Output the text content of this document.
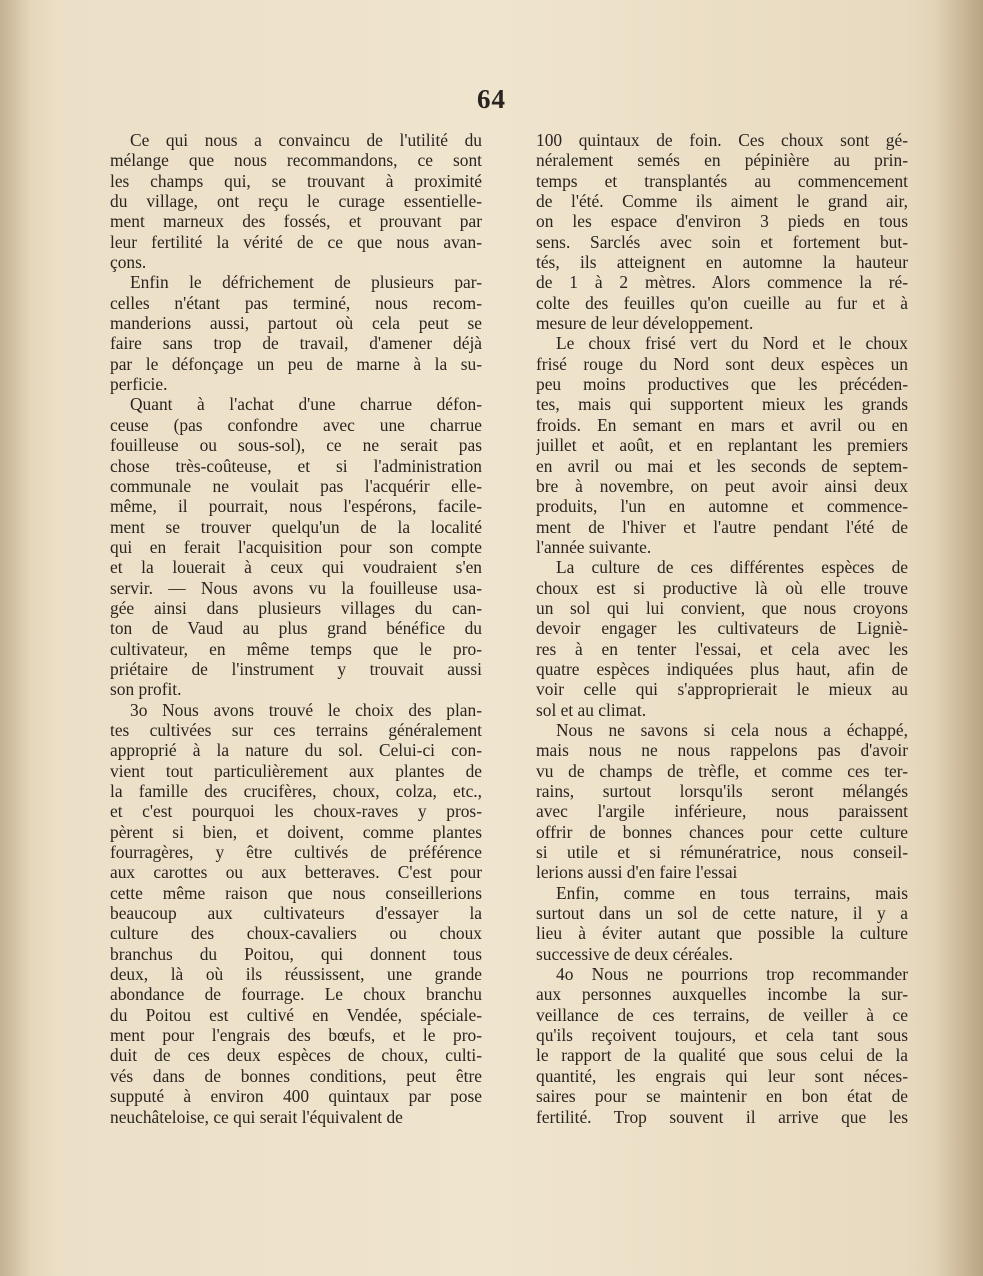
64
Ce qui nous a convaincu de l'utilité du
mélange que nous recommandons, ce sont
les champs qui, se trouvant à proximité
du village, ont reçu le curage essentielle-
ment marneux des fossés, et prouvant par
leur fertilité la vérité de ce que nous avan-
çons.
Enfin le défrichement de plusieurs par-
celles n'étant pas terminé, nous recom-
manderions aussi, partout où cela peut se
faire sans trop de travail, d'amener déjà
par le défonçage un peu de marne à la su-
perficie.
Quant à l'achat d'une charrue défon-
ceuse (pas confondre avec une charrue
fouilleuse ou sous-sol), ce ne serait pas
chose très-coûteuse, et si l'administration
communale ne voulait pas l'acquérir elle-
même, il pourrait, nous l'espérons, facile-
ment se trouver quelqu'un de la localité
qui en ferait l'acquisition pour son compte
et la louerait à ceux qui voudraient s'en
servir. — Nous avons vu la fouilleuse usa-
gée ainsi dans plusieurs villages du can-
ton de Vaud au plus grand bénéfice du
cultivateur, en même temps que le pro-
priétaire de l'instrument y trouvait aussi
son profit.
3o Nous avons trouvé le choix des plan-
tes cultivées sur ces terrains généralement
approprié à la nature du sol. Celui-ci con-
vient tout particulièrement aux plantes de
la famille des crucifères, choux, colza, etc.,
et c'est pourquoi les choux-raves y pros-
pèrent si bien, et doivent, comme plantes
fourragères, y être cultivés de préférence
aux carottes ou aux betteraves. C'est pour
cette même raison que nous conseillerions
beaucoup aux cultivateurs d'essayer la
culture des choux-cavaliers ou choux
branchus du Poitou, qui donnent tous
deux, là où ils réussissent, une grande
abondance de fourrage. Le choux branchu
du Poitou est cultivé en Vendée, spéciale-
ment pour l'engrais des bœufs, et le pro-
duit de ces deux espèces de choux, culti-
vés dans de bonnes conditions, peut être
supputé à environ 400 quintaux par pose
neuchâteloise, ce qui serait l'équivalent de
100 quintaux de foin. Ces choux sont gé-
néralement semés en pépinière au prin-
temps et transplantés au commencement
de l'été. Comme ils aiment le grand air,
on les espace d'environ 3 pieds en tous
sens. Sarclés avec soin et fortement but-
tés, ils atteignent en automne la hauteur
de 1 à 2 mètres. Alors commence la ré-
colte des feuilles qu'on cueille au fur et à
mesure de leur développement.
Le choux frisé vert du Nord et le choux
frisé rouge du Nord sont deux espèces un
peu moins productives que les précéden-
tes, mais qui supportent mieux les grands
froids. En semant en mars et avril ou en
juillet et août, et en replantant les premiers
en avril ou mai et les seconds de septem-
bre à novembre, on peut avoir ainsi deux
produits, l'un en automne et commence-
ment de l'hiver et l'autre pendant l'été de
l'année suivante.
La culture de ces différentes espèces de
choux est si productive là où elle trouve
un sol qui lui convient, que nous croyons
devoir engager les cultivateurs de Ligniè-
res à en tenter l'essai, et cela avec les
quatre espèces indiquées plus haut, afin de
voir celle qui s'approprierait le mieux au
sol et au climat.
Nous ne savons si cela nous a échappé,
mais nous ne nous rappelons pas d'avoir
vu de champs de trèfle, et comme ces ter-
rains, surtout lorsqu'ils seront mélangés
avec l'argile inférieure, nous paraissent
offrir de bonnes chances pour cette culture
si utile et si rémunératrice, nous conseil-
lerions aussi d'en faire l'essai
Enfin, comme en tous terrains, mais
surtout dans un sol de cette nature, il y a
lieu à éviter autant que possible la culture
successive de deux céréales.
4o Nous ne pourrions trop recommander
aux personnes auxquelles incombe la sur-
veillance de ces terrains, de veiller à ce
qu'ils reçoivent toujours, et cela tant sous
le rapport de la qualité que sous celui de la
quantité, les engrais qui leur sont néces-
saires pour se maintenir en bon état de
fertilité. Trop souvent il arrive que les
